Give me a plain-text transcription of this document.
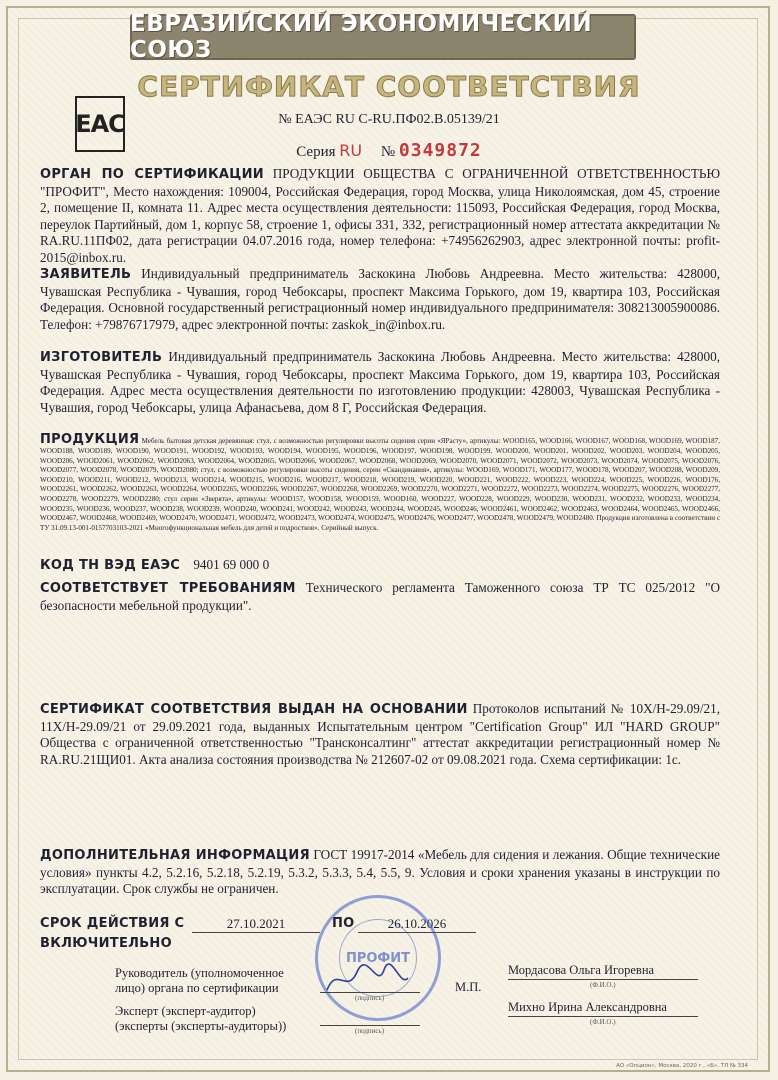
ЕВРАЗИЙСКИЙ ЭКОНОМИЧЕСКИЙ СОЮЗ
СЕРТИФИКАТ СООТВЕТСТВИЯ
ЕАС	№ ЕАЭС RU С-RU.ПФ02.В.05139/21
Серия RU № 0349872
ОРГАН ПО СЕРТИФИКАЦИИ ПРОДУКЦИИ ОБЩЕСТВА С ОГРАНИЧЕННОЙ ОТВЕТСТВЕННОСТЬЮ "ПРОФИТ", Место нахождения: 109004, Российская Федерация, город Москва, улица Николоямская, дом 45, строение 2, помещение II, комната 11. Адрес места осуществления деятельности: 115093, Российская Федерация, город Москва, переулок Партийный, дом 1, корпус 58, строение 1, офисы 331, 332, регистрационный номер аттестата аккредитации № RA.RU.11ПФ02, дата регистрации 04.07.2016 года, номер телефона: +74956262903, адрес электронной почты: profit-2015@inbox.ru.
ЗАЯВИТЕЛЬ Индивидуальный предприниматель Заскокина Любовь Андреевна. Место жительства: 428000, Чувашская Республика - Чувашия, город Чебоксары, проспект Максима Горького, дом 19, квартира 103, Российская Федерация. Основной государственный регистрационный номер индивидуального предпринимателя: 308213005900086. Телефон: +79876717979, адрес электронной почты: zaskok_in@inbox.ru.
ИЗГОТОВИТЕЛЬ Индивидуальный предприниматель Заскокина Любовь Андреевна. Место жительства: 428000, Чувашская Республика - Чувашия, город Чебоксары, проспект Максима Горького, дом 19, квартира 103, Российская Федерация. Адрес места осуществления деятельности по изготовлению продукции: 428003, Чувашская Республика - Чувашия, город Чебоксары, улица Афанасьева, дом 8 Г, Российская Федерация.
ПРОДУКЦИЯ Мебель бытовая детская деревянная: стул, с возможностью регулировки высоты сидения серии «ЯРасту», артикулы: WOOD165, WOOD166, WOOD167, WOOD168, WOOD169, WOOD187, WOOD188, WOOD189, WOOD190, WOOD191, WOOD192, WOOD193, WOOD194, WOOD195, WOOD196, WOOD197, WOOD198, WOOD199, WOOD200, WOOD201, WOOD202, WOOD203, WOOD204, WOOD205, WOOD206, WOOD2061, WOOD2062, WOOD2063, WOOD2064, WOOD2065, WOOD2066, WOOD2067, WOOD2068, WOOD2069, WOOD2070, WOOD2071, WOOD2072, WOOD2073, WOOD2074, WOOD2075, WOOD2076, WOOD2077, WOOD2078, WOOD2079, WOOD2080; стул, с возможностью регулировки высоты сидения, серии «Скандинавия», артикулы: WOOD169, WOOD171, WOOD177, WOOD178, WOOD207, WOOD208, WOOD209, WOOD210, WOOD211, WOOD212, WOOD213, WOOD214, WOOD215, WOOD216, WOOD217, WOOD218, WOOD219, WOOD220, WOOD221, WOOD222, WOOD223, WOOD224, WOOD225, WOOD226, WOOD176, WOOD2261, WOOD2262, WOOD2263, WOOD2264, WOOD2265, WOOD2266, WOOD2267, WOOD2268, WOOD2269, WOOD2270, WOOD2271, WOOD2272, WOOD2273, WOOD2274, WOOD2275, WOOD2276, WOOD2277, WOOD2278, WOOD2279, WOOD2280; стул серии «Зверята», артикулы: WOOD157, WOOD158, WOOD159, WOOD160, WOOD227, WOOD228, WOOD229, WOOD230, WOOD231, WOOD232, WOOD233, WOOD234, WOOD235, WOOD236, WOOD237, WOOD238, WOOD239, WOOD240, WOOD241, WOOD242, WOOD243, WOOD244, WOOD245, WOOD246, WOOD2461, WOOD2462, WOOD2463, WOOD2464, WOOD2465, WOOD2466, WOOD2467, WOOD2468, WOOD2469, WOOD2470, WOOD2471, WOOD2472, WOOD2473, WOOD2474, WOOD2475, WOOD2476, WOOD2477, WOOD2478, WOOD2479, WOOD2480. Продукция изготовлена в соответствии с ТУ 31.09.13-001-0157703103-2021 «Многофункциональная мебель для детей и подростков». Серийный выпуск.
КОД ТН ВЭД ЕАЭС 9401 69 000 0
СООТВЕТСТВУЕТ ТРЕБОВАНИЯМ Технического регламента Таможенного союза ТР ТС 025/2012 "О безопасности мебельной продукции".
СЕРТИФИКАТ СООТВЕТСТВИЯ ВЫДАН НА ОСНОВАНИИ Протоколов испытаний № 10Х/Н-29.09/21, 11Х/Н-29.09/21 от 29.09.2021 года, выданных Испытательным центром "Certification Group" ИЛ "HARD GROUP" Общества с ограниченной ответственностью "Трансконсалтинг" аттестат аккредитации регистрационный номер № RA.RU.21ЩИ01. Акта анализа состояния производства № 212607-02 от 09.08.2021 года. Схема сертификации: 1с.
ДОПОЛНИТЕЛЬНАЯ ИНФОРМАЦИЯ ГОСТ 19917-2014 «Мебель для сидения и лежания. Общие технические условия» пункты 4.2, 5.2.16, 5.2.18, 5.2.19, 5.3.2, 5.3.3, 5.4, 5.5, 9. Условия и сроки хранения указаны в инструкции по эксплуатации. Срок службы не ограничен.
СРОК ДЕЙСТВИЯ С	27.10.2021	ПО	26.10.2026
ВКЛЮЧИТЕЛЬНО
ПРОФИТ
Руководитель (уполномоченное
лицо) органа по сертификации
(подпись)
М.П.
Мордасова Ольга Игоревна
(Ф.И.О.)
Эксперт (эксперт-аудитор)
(эксперты (эксперты-аудиторы))	(подпись)
Михно Ирина Александровна
(Ф.И.О.)
АО «Опцион», Москва, 2020 г., «Б», ТЛ № 334
